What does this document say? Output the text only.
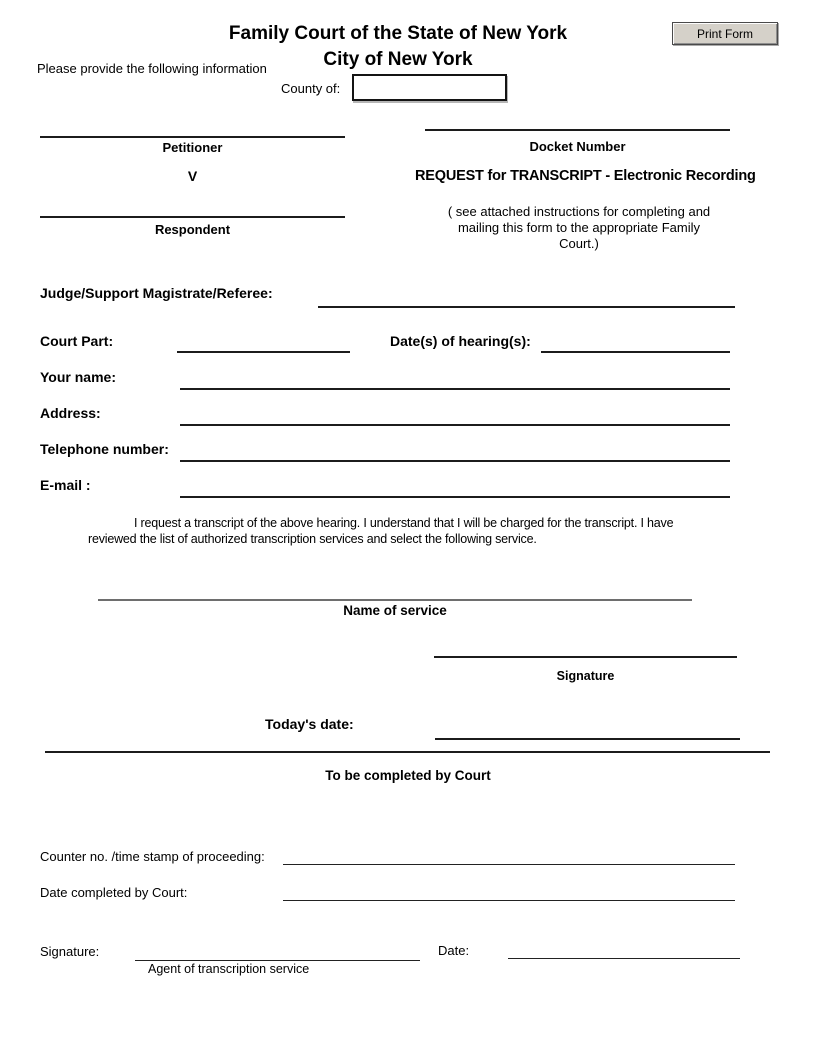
Family Court of the State of New York
City of New York
Print Form
Please provide the following information
County of:
Petitioner
V
Respondent
Docket Number
REQUEST for TRANSCRIPT - Electronic Recording
( see attached instructions for completing and mailing this form to the appropriate Family Court.)
Judge/Support Magistrate/Referee:
Court Part:	Date(s) of hearing(s):
Your name:
Address:
Telephone number:
E-mail :
I request a transcript of the above hearing. I understand that I will be charged for the transcript. I have reviewed the list of authorized transcription services and select the following service.
Name of service
Signature
Today's date:
To be completed by Court
Counter no. /time stamp of proceeding:
Date completed by Court:
Signature:
Agent of transcription service
Date:
